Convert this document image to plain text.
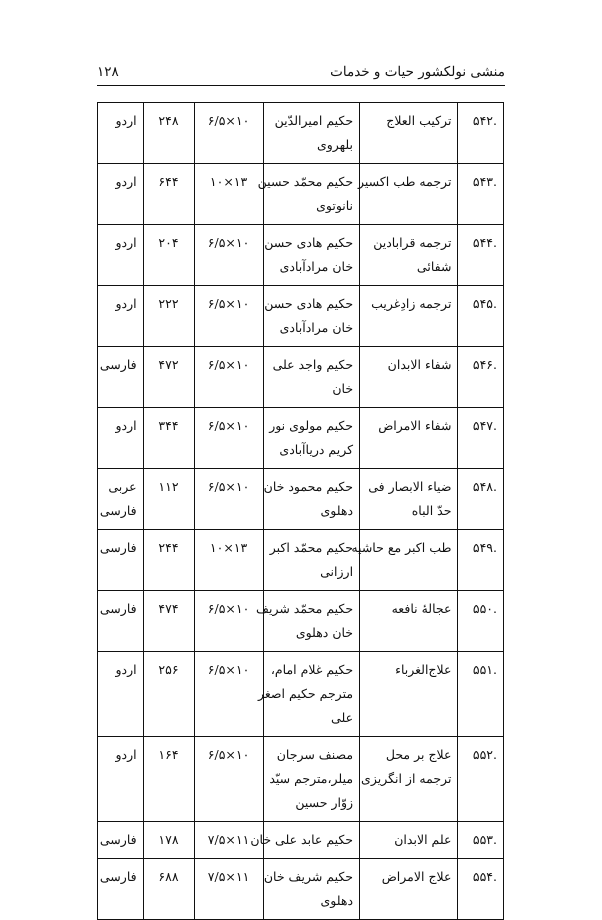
منشی نولکشور حیات و خدمات
۱۲۸
.۵۴۲	ترکیب العلاج	حکیم امیرالدّین
بلهروی	۱۰×۶/۵	۲۴۸	اردو

.۵۴۳	ترجمه طب اکسیر	حکیم محمّد حسین
نانوتوی	۱۳×۱۰	۶۴۴	اردو

.۵۴۴	ترجمه قرابادین
شفائی	حکیم هادی حسن
خان مرادآبادی	۱۰×۶/۵	۲۰۴	اردو

.۵۴۵	ترجمه زادِغریب	حکیم هادی حسن
خان مرادآبادی	۱۰×۶/۵	۲۲۲	اردو

.۵۴۶	شفاء الابدان	حکیم واجد علی
خان	۱۰×۶/۵	۴۷۲	فارسی

.۵۴۷	شفاء الامراض	حکیم مولوی نور
کریم دریاآبادی	۱۰×۶/۵	۳۴۴	اردو

.۵۴۸	ضیاء الابصار فی
حدّ الباه	حکیم محمود خان
دهلوی	۱۰×۶/۵	۱۱۲	عربی
فارسی

.۵۴۹	طب اکبر مع حاشیه	حکیم محمّد اکبر
ارزانی	۱۳×۱۰	۲۴۴	فارسی

.۵۵۰	عجالهٔ نافعه	حکیم محمّد شریف
خان دهلوی	۱۰×۶/۵	۴۷۴	فارسی

.۵۵۱	علاج‌الغرباء	حکیم غلام امام،
مترجم حکیم اصغر
علی	۱۰×۶/۵	۲۵۶	اردو

.۵۵۲	علاج بر محل
ترجمه از انگریزی	مصنف سرجان
میلر،مترجم سیّد
زوّار حسین	۱۰×۶/۵	۱۶۴	اردو

.۵۵۳	علم الابدان	حکیم عابد علی خان	۱۱×۷/۵	۱۷۸	فارسی

.۵۵۴	علاج الامراض	حکیم شریف خان
دهلوی	۱۱×۷/۵	۶۸۸	فارسی
